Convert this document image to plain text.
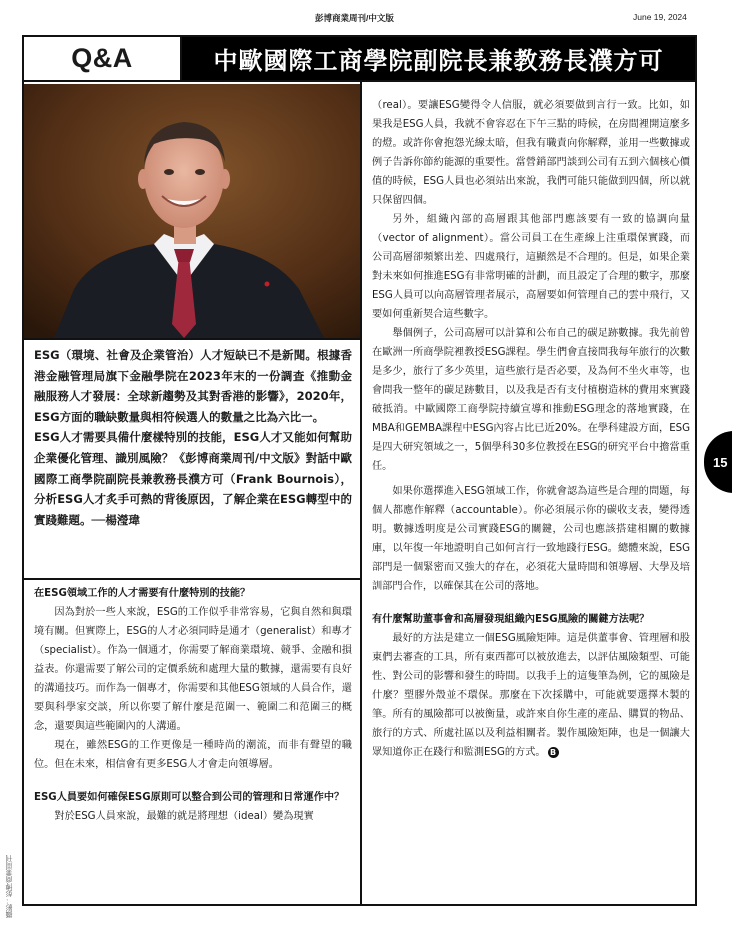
彭博商業周刊/中文版	June 19, 2024
Q&A	中歐國際工商學院副院長兼教務長濮方可

ESG（環境、社會及企業管治）人才短缺已不是新聞。根據香港金融管理局旗下金融學院在2023年末的一份調查《推動金融服務人才發展：全球新趨勢及其對香港的影響》，2020年，ESG方面的職缺數量與相符候選人的數量之比為六比一。

ESG人才需要具備什麼樣特別的技能，ESG人才又能如何幫助企業優化管理、識別風險？《彭博商業周刊/中文版》對話中歐國際工商學院副院長兼教務長濮方可（Frank Bournois），分析ESG人才炙手可熱的背後原因，了解企業在ESG轉型中的實踐難題。──楊瀅瑋

在ESG領域工作的人才需要有什麼特別的技能？

因為對於一些人來說，ESG的工作似乎非常容易，它與自然和與環境有關。但實際上，ESG的人才必須同時是通才（generalist）和專才（specialist）。作為一個通才，你需要了解商業環境、競爭、金融和損益表。你還需要了解公司的定價系統和處理大量的數據，還需要有良好的溝通技巧。而作為一個專才，你需要和其他ESG領域的人員合作，還要與科學家交談，所以你要了解什麼是范圍一、範圍二和范圍三的概念，還要與這些範圍內的人溝通。

現在，雖然ESG的工作更像是一種時尚的潮流，而非有聲望的職位。但在未來，相信會有更多ESG人才會走向領導層。

ESG人員要如何確保ESG原則可以整合到公司的管理和日常運作中？

對於ESG人員來說，最難的就是將理想（ideal）變為現實

（real）。要讓ESG變得令人信服，就必須要做到言行一致。比如，如果我是ESG人員，我就不會容忍在下午三點的時候，在房間裡開這麼多的燈。或許你會抱怨光線太暗，但我有職責向你解釋，並用一些數據或例子告訴你節約能源的重要性。當營銷部門談到公司有五到六個核心價值的時候，ESG人員也必須站出來說，我們可能只能做到四個，所以就只保留四個。

另外，組織內部的高層跟其他部門應該要有一致的協調向量（vector of alignment）。當公司員工在生產線上注重環保實踐，而公司高層卻頻繁出差、四處飛行，這顯然是不合理的。但是，如果企業對未來如何推進ESG有非常明確的計劃，而且設定了合理的數字，那麼ESG人員可以向高層管理者展示，高層要如何管理自己的雲中飛行，又要如何重新契合這些數字。

舉個例子，公司高層可以計算和公布自己的碳足跡數據。我先前曾在歐洲一所商學院裡教授ESG課程。學生們會直接問我每年旅行的次數是多少，旅行了多少英里，這些旅行是否必要，及為何不坐火車等，也會問我一整年的碳足跡數目，以及我是否有支付植樹造林的費用來實踐破抵消。中歐國際工商學院持續宣導和推動ESG理念的落地實踐，在MBA和GEMBA課程中ESG內容占比已近20%。在學科建設方面，ESG是四大研究領域之一，5個學科30多位教授在ESG的研究平台中擔當重任。

如果你選擇進入ESG領域工作，你就會認為這些是合理的問題，每個人都應作解釋（accountable）。你必須展示你的碳收支表，變得透明。數據透明度是公司實踐ESG的關鍵，公司也應該搭建相關的數據庫，以年復一年地證明自己如何言行一致地踐行ESG。總體來說，ESG部門是一個緊密而又強大的存在，必須花大量時間和領導層、大學及培訓部門合作，以確保其在公司的落地。

有什麼幫助董事會和高層發現組織內ESG風險的關鍵方法呢？

最好的方法是建立一個ESG風險矩陣。這是供董事會、管理層和股東們去審查的工具，所有東西都可以被放進去，以評估風險類型、可能性、對公司的影響和發生的時間。以我手上的這隻筆為例，它的風險是什麼？塑膠外殼並不環保。那麼在下次採購中，可能就要選擇木製的筆。所有的風險都可以被衡量，或許來自你生產的產品、購買的物品、旅行的方式、所處社區以及利益相關者。製作風險矩陣，也是一個讓大眾知道你正在踐行和監測ESG的方式。 B

15
攝影：彭博商業周刊
